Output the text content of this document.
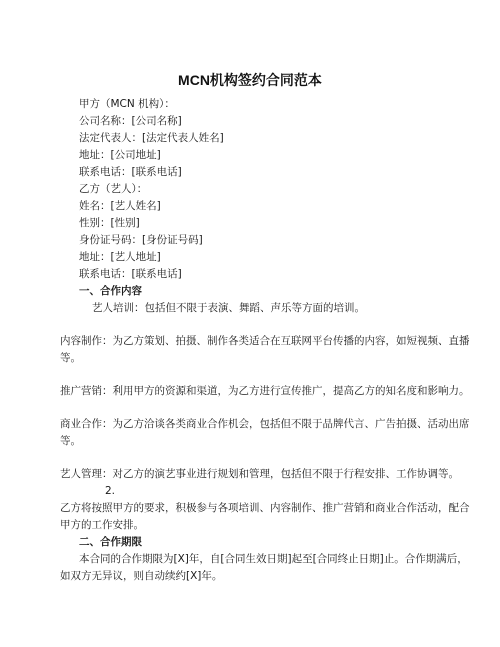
MCN机构签约合同范本
甲方（MCN 机构）：
公司名称：[公司名称]
法定代表人：[法定代表人姓名]
地址：[公司地址]
联系电话：[联系电话]
乙方（艺人）：
姓名：[艺人姓名]
性别：[性别]
身份证号码：[身份证号码]
地址：[艺人地址]
联系电话：[联系电话]
一、合作内容
艺人培训：包括但不限于表演、舞蹈、声乐等方面的培训。
内容制作：为乙方策划、拍摄、制作各类适合在互联网平台传播的内容，如短视频、直播
等。
推广营销：利用甲方的资源和渠道，为乙方进行宣传推广，提高乙方的知名度和影响力。
商业合作：为乙方洽谈各类商业合作机会，包括但不限于品牌代言、广告拍摄、活动出席
等。
艺人管理：对乙方的演艺事业进行规划和管理，包括但不限于行程安排、工作协调等。
2.
乙方将按照甲方的要求，积极参与各项培训、内容制作、推广营销和商业合作活动，配合
甲方的工作安排。
二、合作期限
本合同的合作期限为[X]年，自[合同生效日期]起至[合同终止日期]止。合作期满后，
如双方无异议，则自动续约[X]年。
